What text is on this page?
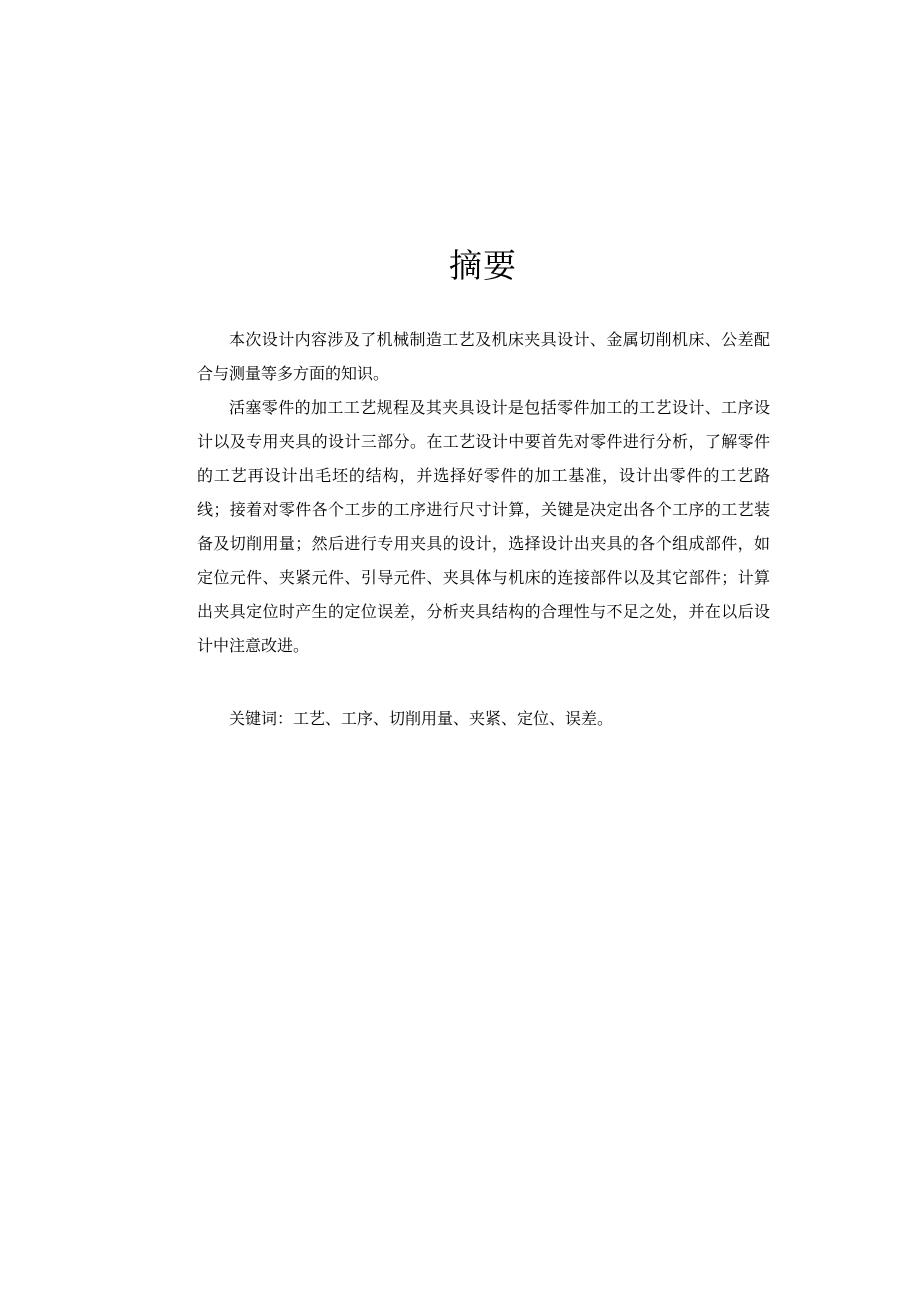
摘要

本次设计内容涉及了机械制造工艺及机床夹具设计、金属切削机床、公差配合与测量等多方面的知识。

活塞零件的加工工艺规程及其夹具设计是包括零件加工的工艺设计、工序设计以及专用夹具的设计三部分。在工艺设计中要首先对零件进行分析，了解零件的工艺再设计出毛坯的结构，并选择好零件的加工基准，设计出零件的工艺路线；接着对零件各个工步的工序进行尺寸计算，关键是决定出各个工序的工艺装备及切削用量；然后进行专用夹具的设计，选择设计出夹具的各个组成部件，如定位元件、夹紧元件、引导元件、夹具体与机床的连接部件以及其它部件；计算出夹具定位时产生的定位误差，分析夹具结构的合理性与不足之处，并在以后设计中注意改进。

关键词：工艺、工序、切削用量、夹紧、定位、误差。
